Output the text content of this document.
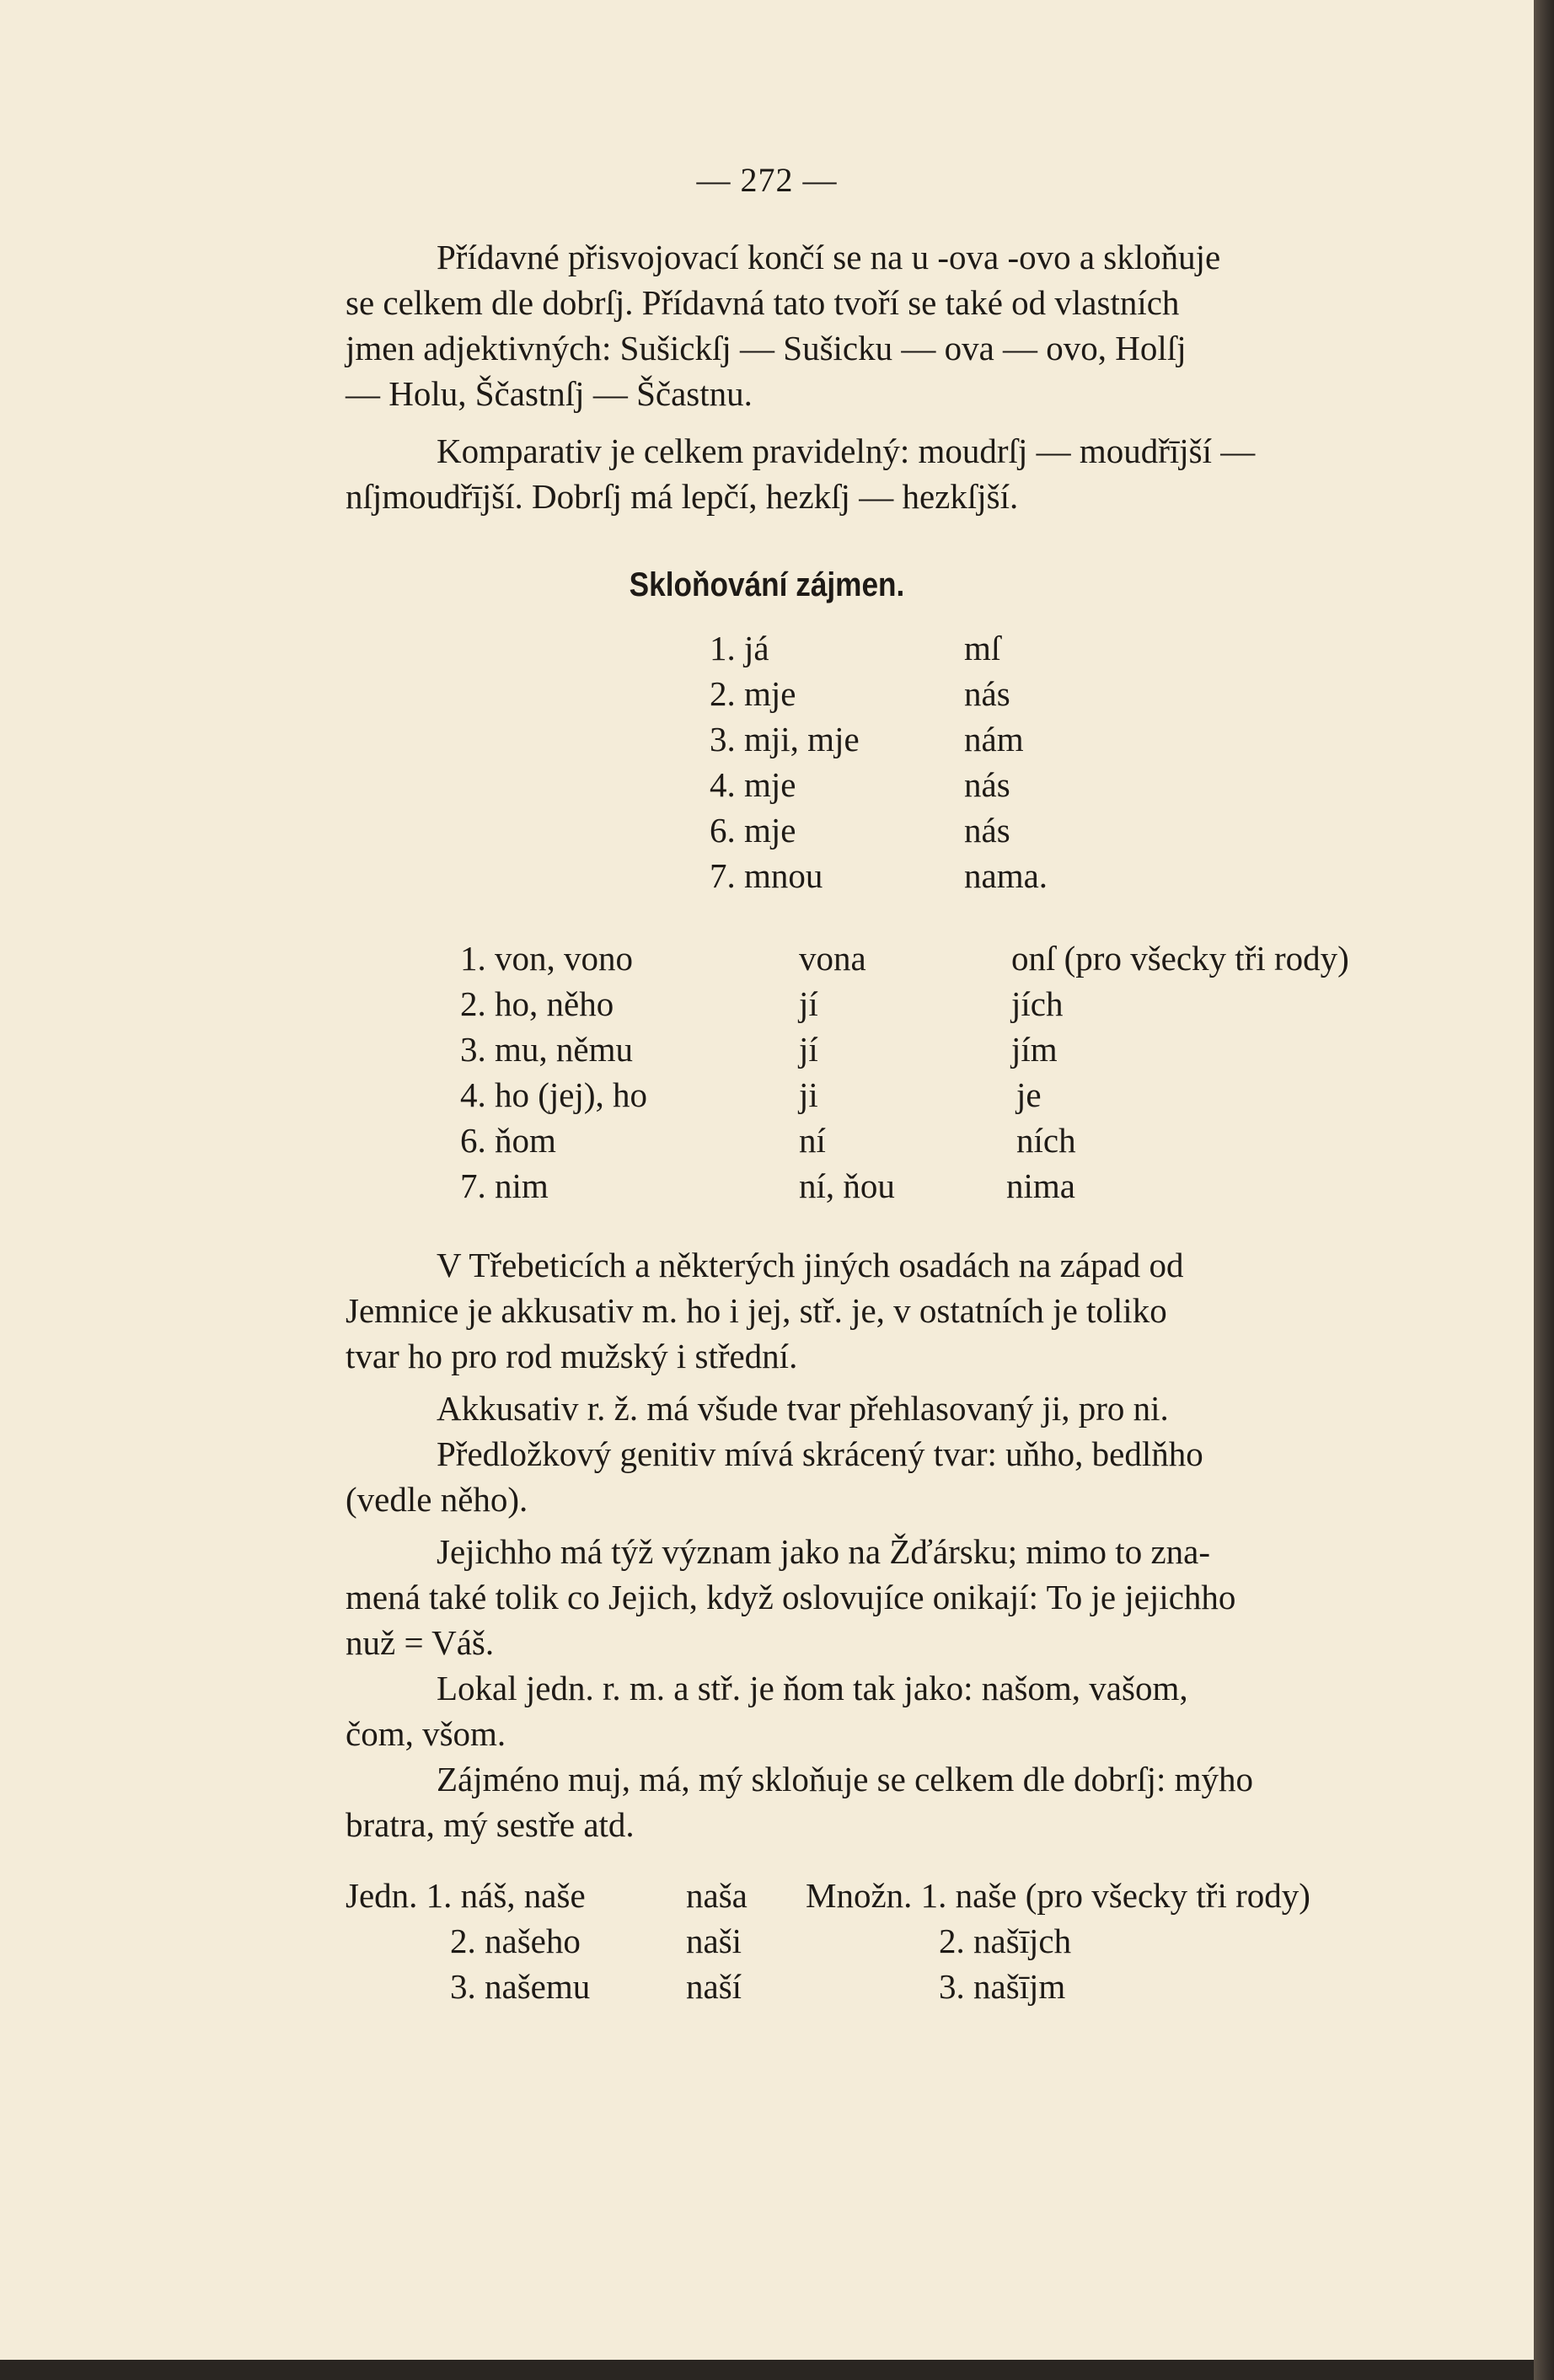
— 272 —

Přídavné přisvojovací končí se na u -ova -ovo a skloňuje

se celkem dle dobrſj. Přídavná tato tvoří se také od vlastních

jmen adjektivných: Sušickſj — Sušicku — ova — ovo, Holſj

— Holu, Ščastnſj — Ščastnu.

Komparativ je celkem pravidelný: moudrſj — moudřījší —

nſjmoudřījší. Dobrſj má lepčí, hezkſj — hezkſjší.

Skloňování zájmen.
1. já	mſ
2. mje	nás
3. mji, mje	nám
4. mje	nás
6. mje	nás
7. mnou	nama.
1. von, vono	vona	onſ (pro všecky tři rody)
2. ho, něho	jí	jích
3. mu, němu	jí	jím
4. ho (jej), ho	ji	je
6. ňom	ní	ních
7. nim	ní, ňou	nima

V Třebeticích a některých jiných osadách na západ od

Jemnice je akkusativ m. ho i jej, stř. je, v ostatních je toliko

tvar ho pro rod mužský i střední.

Akkusativ r. ž. má všude tvar přehlasovaný ji, pro ni.

Předložkový genitiv mívá skrácený tvar: uňho, bedlňho

(vedle něho).

Jejichho má týž význam jako na Žďársku; mimo to zna-

mená také tolik co Jejich, když oslovujíce onikají: To je jejichho

nuž = Váš.

Lokal jedn. r. m. a stř. je ňom tak jako: našom, vašom,

čom, všom.

Zájméno muj, má, mý skloňuje se celkem dle dobrſj: mýho

bratra, mý sestře atd.

Jedn. 1. náš, naše	naša Množn. 1. naše (pro všecky tři rody)
2. našeho	naši	2. našījch
3. našemu	naší	3. našījm
